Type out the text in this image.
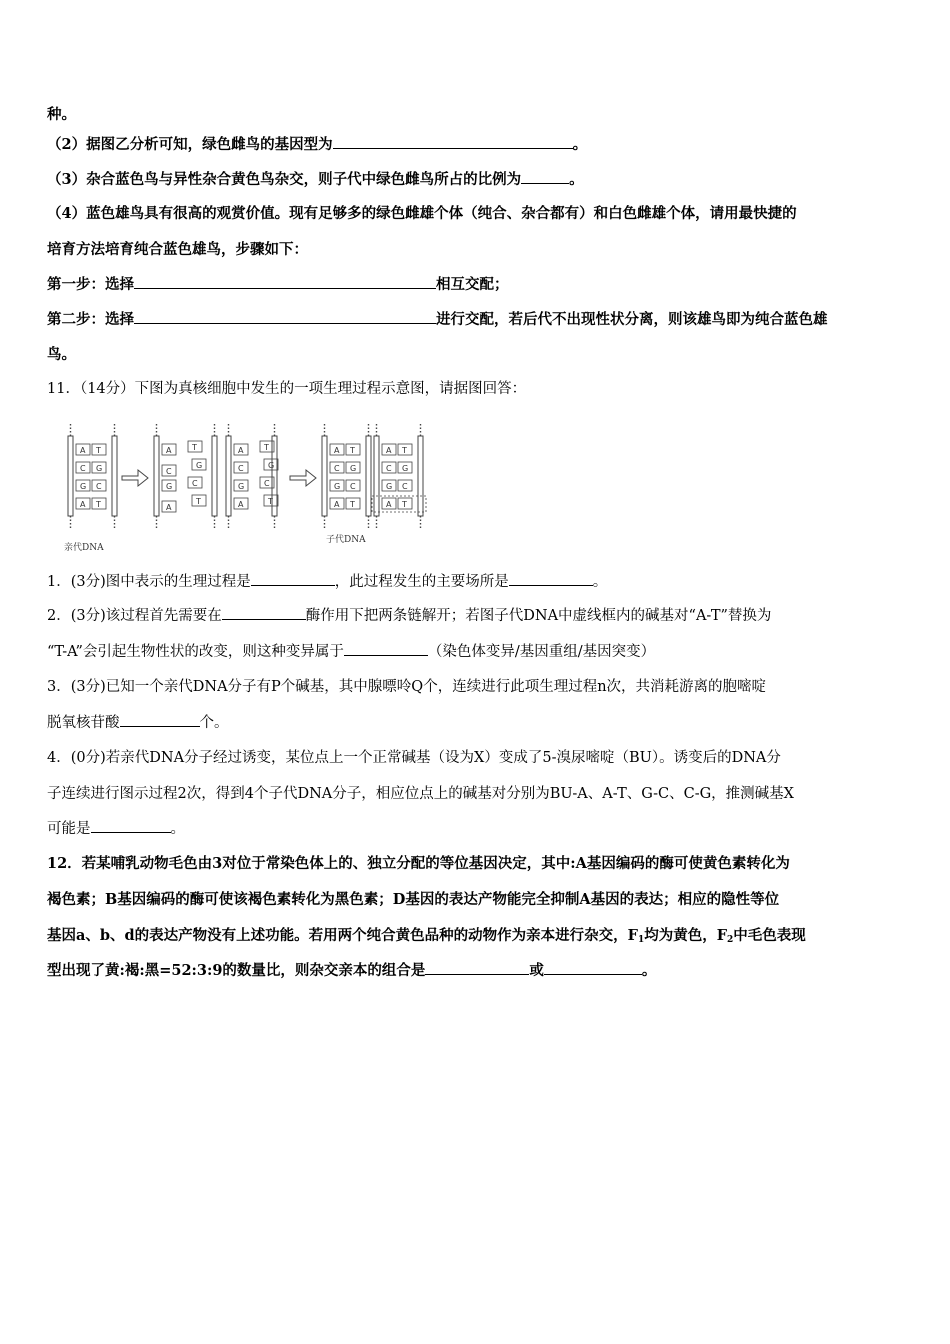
种。

（2）据图乙分析可知，绿色雌鸟的基因型为	。

（3）杂合蓝色鸟与异性杂合黄色鸟杂交，则子代中绿色雌鸟所占的比例为	。

（4）蓝色雄鸟具有很高的观赏价值。现有足够多的绿色雌雄个体（纯合、杂合都有）和白色雌雄个体，请用最快捷的

培育方法培育纯合蓝色雄鸟，步骤如下：

第一步：选择	相互交配；

第二步：选择	进行交配，若后代不出现性状分离，则该雄鸟即为纯合蓝色雄

鸟。

11．（14分）下图为真核细胞中发生的一项生理过程示意图，请据图回答：

1．(3分)图中表示的生理过程是	，此过程发生的主要场所是	。

2．(3分)该过程首先需要在	酶作用下把两条链解开；若图子代DNA中虚线框内的碱基对“A-T”替换为

“T-A”会引起生物性状的改变，则这种变异属于	（染色体变异/基因重组/基因突变）

3．(3分)已知一个亲代DNA分子有P个碱基，其中腺嘌呤Q个，连续进行此项生理过程n次，共消耗游离的胞嘧啶

脱氧核苷酸	个。

4．(0分)若亲代DNA分子经过诱变，某位点上一个正常碱基（设为X）变成了5-溴尿嘧啶（BU）。诱变后的DNA分

子连续进行图示过程2次，得到4个子代DNA分子，相应位点上的碱基对分别为BU-A、A-T、G-C、C-G，推测碱基X

可能是	。

12．若某哺乳动物毛色由3对位于常染色体上的、独立分配的等位基因决定，其中:A基因编码的酶可使黄色素转化为

褐色素；B基因编码的酶可使该褐色素转化为黑色素；D基因的表达产物能完全抑制A基因的表达；相应的隐性等位

基因a、b、d的表达产物没有上述功能。若用两个纯合黄色品种的动物作为亲本进行杂交，$F_1$均为黄色，$F_2$中毛色表现

型出现了黄:褐:黑=52:3:9的数量比，则杂交亲本的组合是	或	。

亲代DNA
子代DNA
A T
C G
G C
A T
A	T
C
G
G C
A
T
A	T
C	G
G C
A	T
A T
C G
G C
A T
A T
C G
G C
A T
